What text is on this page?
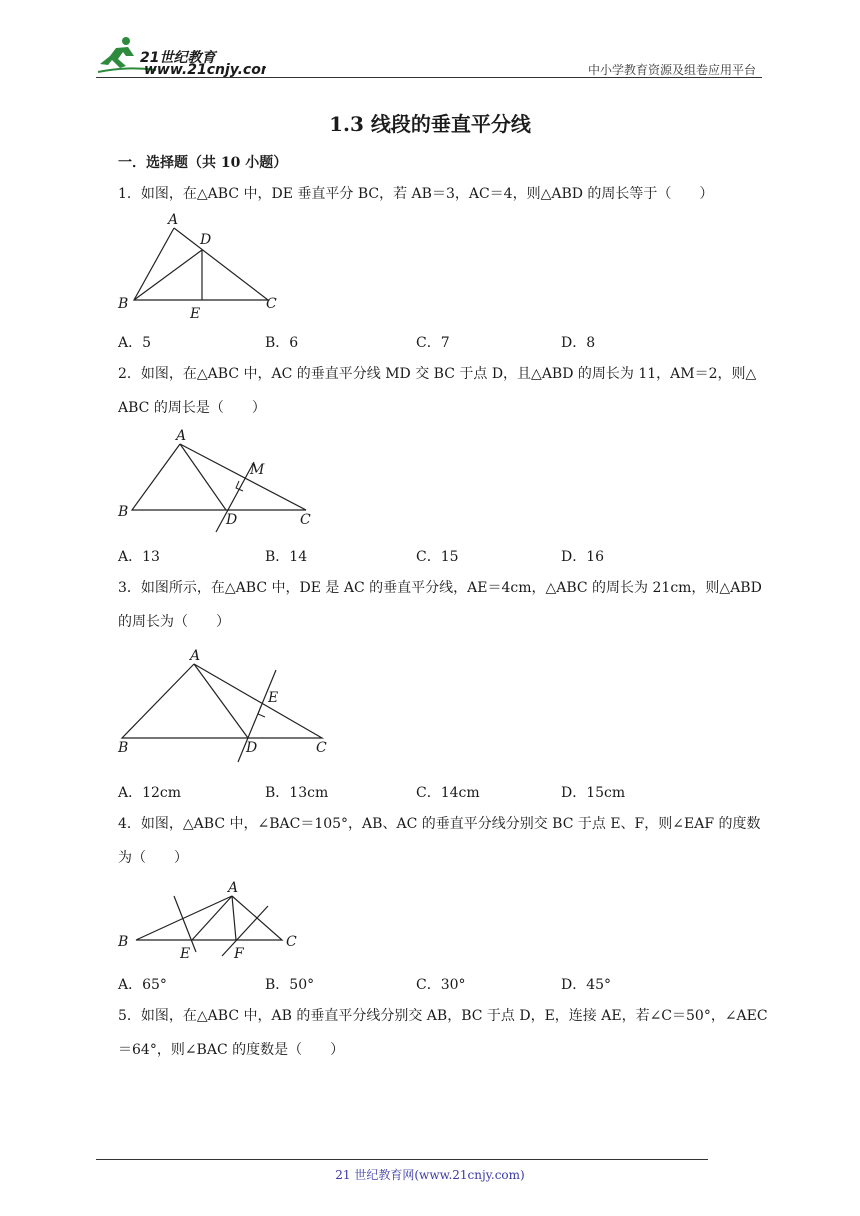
21世纪教育
www.21cnjy.com	中小学教育资源及组卷应用平台
1.3 线段的垂直平分线
一．选择题（共 10 小题）
1．如图，在△ABC 中，DE 垂直平分 BC，若 AB＝3，AC＝4，则△ABD 的周长等于（　　）
A
D
B
E
C
A．5	B．6	C．7	D．8
2．如图，在△ABC 中，AC 的垂直平分线 MD 交 BC 于点 D，且△ABD 的周长为 11，AM＝2，则△
ABC 的周长是（　　）
A
M
B	D	C
A．13	B．14	C．15	D．16
3．如图所示，在△ABC 中，DE 是 AC 的垂直平分线，AE＝4cm，△ABC 的周长为 21cm，则△ABD
的周长为（　　）
A
E
B	D	C
A．12cm	B．13cm	C．14cm	D．15cm
4．如图，△ABC 中，∠BAC＝105°，AB、AC 的垂直平分线分别交 BC 于点 E、F，则∠EAF 的度数
为（　　）
A
B
E	F
C
A．65°	B．50°	C．30°	D．45°
5．如图，在△ABC 中，AB 的垂直平分线分别交 AB，BC 于点 D，E，连接 AE，若∠C＝50°，∠AEC
＝64°，则∠BAC 的度数是（　　）
21 世纪教育网(www.21cnjy.com)
